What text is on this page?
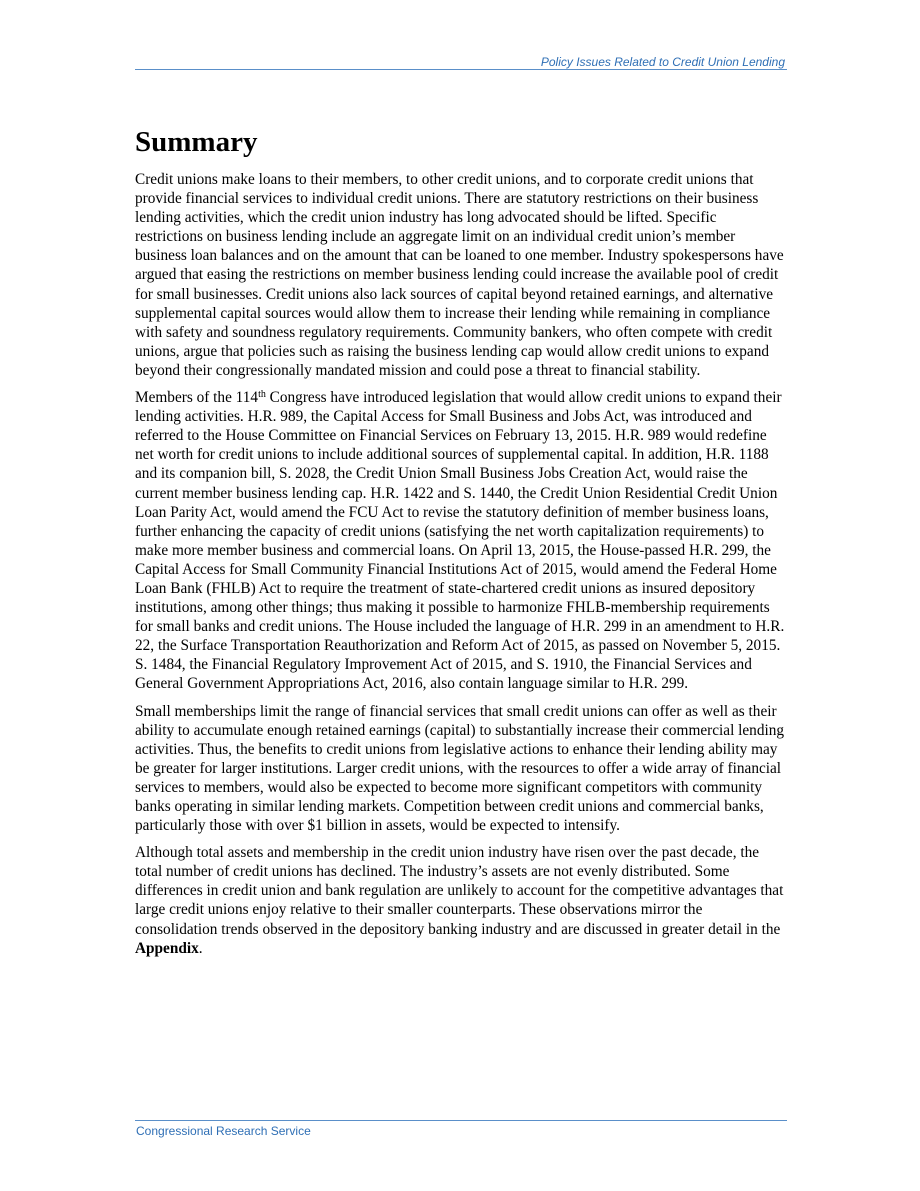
Policy Issues Related to Credit Union Lending
Summary

Credit unions make loans to their members, to other credit unions, and to corporate credit unions that provide financial services to individual credit unions. There are statutory restrictions on their business lending activities, which the credit union industry has long advocated should be lifted. Specific restrictions on business lending include an aggregate limit on an individual credit union’s member business loan balances and on the amount that can be loaned to one member. Industry spokespersons have argued that easing the restrictions on member business lending could increase the available pool of credit for small businesses. Credit unions also lack sources of capital beyond retained earnings, and alternative supplemental capital sources would allow them to increase their lending while remaining in compliance with safety and soundness regulatory requirements. Community bankers, who often compete with credit unions, argue that policies such as raising the business lending cap would allow credit unions to expand beyond their congressionally mandated mission and could pose a threat to financial stability.

Members of the 114th Congress have introduced legislation that would allow credit unions to expand their lending activities. H.R. 989, the Capital Access for Small Business and Jobs Act, was introduced and referred to the House Committee on Financial Services on February 13, 2015. H.R. 989 would redefine net worth for credit unions to include additional sources of supplemental capital. In addition, H.R. 1188 and its companion bill, S. 2028, the Credit Union Small Business Jobs Creation Act, would raise the current member business lending cap. H.R. 1422 and S. 1440, the Credit Union Residential Credit Union Loan Parity Act, would amend the FCU Act to revise the statutory definition of member business loans, further enhancing the capacity of credit unions (satisfying the net worth capitalization requirements) to make more member business and commercial loans. On April 13, 2015, the House-passed H.R. 299, the Capital Access for Small Community Financial Institutions Act of 2015, would amend the Federal Home Loan Bank (FHLB) Act to require the treatment of state-chartered credit unions as insured depository institutions, among other things; thus making it possible to harmonize FHLB-membership requirements for small banks and credit unions. The House included the language of H.R. 299 in an amendment to H.R. 22, the Surface Transportation Reauthorization and Reform Act of 2015, as passed on November 5, 2015. S. 1484, the Financial Regulatory Improvement Act of 2015, and S. 1910, the Financial Services and General Government Appropriations Act, 2016, also contain language similar to H.R. 299.

Small memberships limit the range of financial services that small credit unions can offer as well as their ability to accumulate enough retained earnings (capital) to substantially increase their commercial lending activities. Thus, the benefits to credit unions from legislative actions to enhance their lending ability may be greater for larger institutions. Larger credit unions, with the resources to offer a wide array of financial services to members, would also be expected to become more significant competitors with community banks operating in similar lending markets. Competition between credit unions and commercial banks, particularly those with over $1 billion in assets, would be expected to intensify.

Although total assets and membership in the credit union industry have risen over the past decade, the total number of credit unions has declined. The industry’s assets are not evenly distributed. Some differences in credit union and bank regulation are unlikely to account for the competitive advantages that large credit unions enjoy relative to their smaller counterparts. These observations mirror the consolidation trends observed in the depository banking industry and are discussed in greater detail in the Appendix.

Congressional Research Service
